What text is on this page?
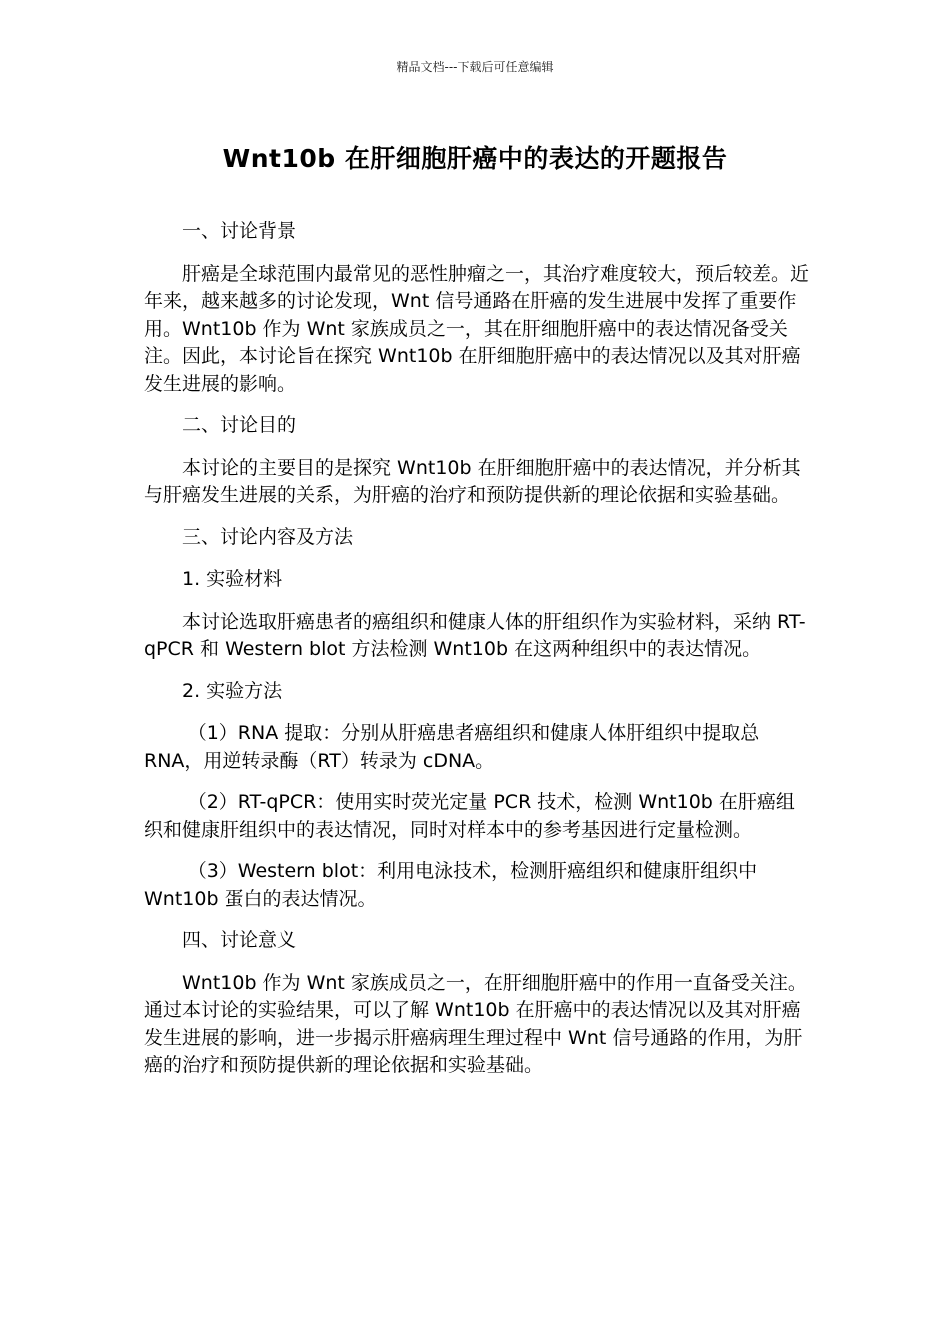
精品文档---下载后可任意编辑
Wnt10b 在肝细胞肝癌中的表达的开题报告

一、讨论背景

肝癌是全球范围内最常见的恶性肿瘤之一，其治疗难度较大，预后较差。近年来，越来越多的讨论发现，Wnt 信号通路在肝癌的发生进展中发挥了重要作用。Wnt10b 作为 Wnt 家族成员之一，其在肝细胞肝癌中的表达情况备受关注。因此，本讨论旨在探究 Wnt10b 在肝细胞肝癌中的表达情况以及其对肝癌发生进展的影响。

二、讨论目的

本讨论的主要目的是探究 Wnt10b 在肝细胞肝癌中的表达情况，并分析其与肝癌发生进展的关系，为肝癌的治疗和预防提供新的理论依据和实验基础。

三、讨论内容及方法

1. 实验材料

本讨论选取肝癌患者的癌组织和健康人体的肝组织作为实验材料，采纳 RT-qPCR 和 Western blot 方法检测 Wnt10b 在这两种组织中的表达情况。

2. 实验方法

（1）RNA 提取：分别从肝癌患者癌组织和健康人体肝组织中提取总 RNA，用逆转录酶（RT）转录为 cDNA。

（2）RT-qPCR：使用实时荧光定量 PCR 技术，检测 Wnt10b 在肝癌组织和健康肝组织中的表达情况，同时对样本中的参考基因进行定量检测。

（3）Western blot：利用电泳技术，检测肝癌组织和健康肝组织中 Wnt10b 蛋白的表达情况。

四、讨论意义

Wnt10b 作为 Wnt 家族成员之一，在肝细胞肝癌中的作用一直备受关注。通过本讨论的实验结果，可以了解 Wnt10b 在肝癌中的表达情况以及其对肝癌发生进展的影响，进一步揭示肝癌病理生理过程中 Wnt 信号通路的作用，为肝癌的治疗和预防提供新的理论依据和实验基础。
